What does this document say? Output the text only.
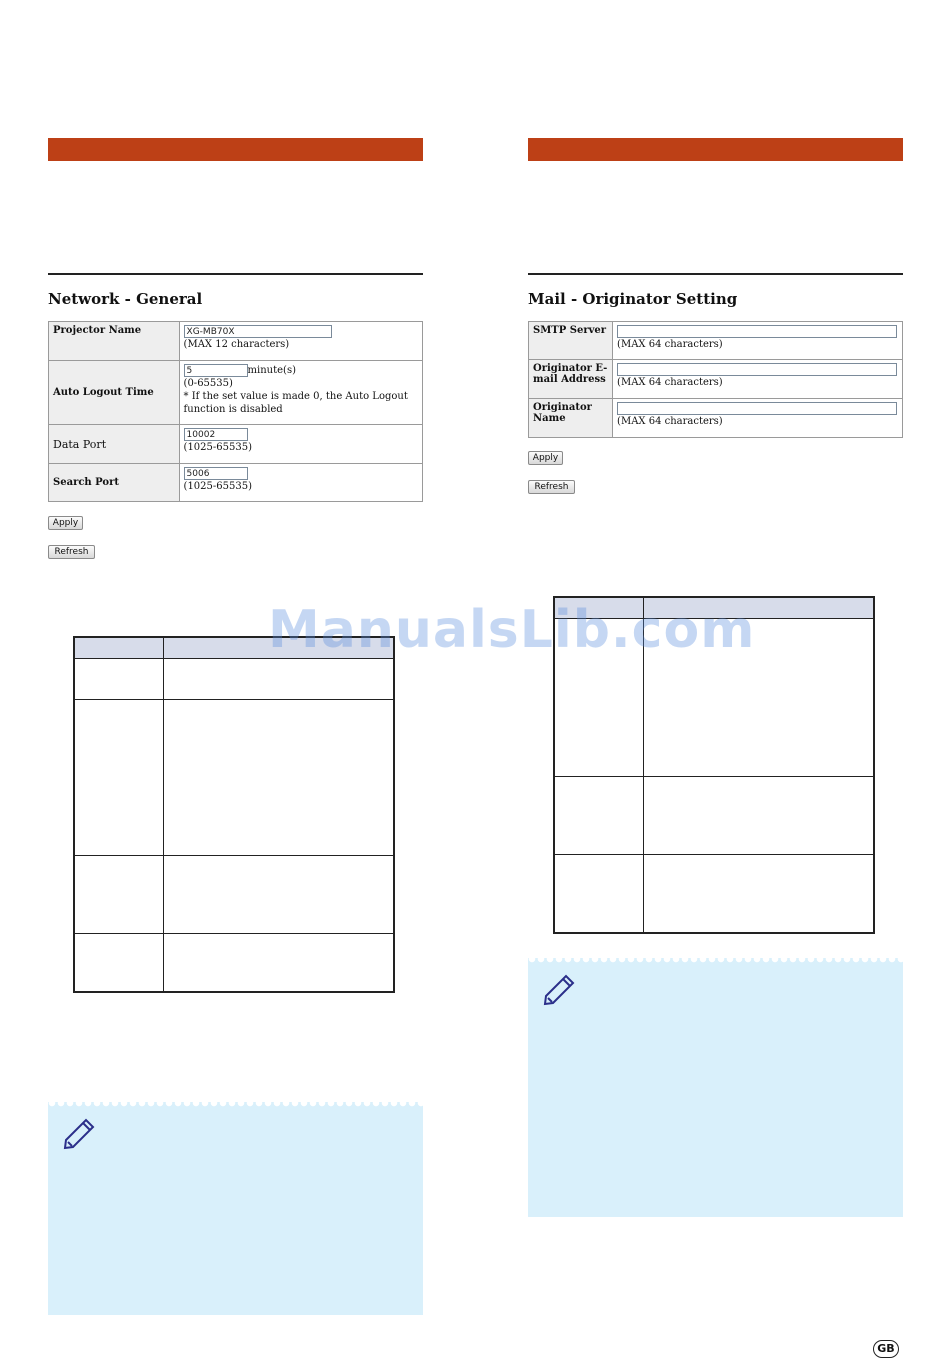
Network - General
Projector Name	XG-MB70X
(MAX 12 characters)

Auto Logout Time	5 minute(s)
(0-65535)
* If the set value is made 0, the Auto Logout function is disabled

Data Port	10002
(1025-65535)

Search Port	5006
(1025-65535)
Apply
Refresh
Mail - Originator Setting
SMTP Server	(MAX 64 characters)

Originator E-mail Address	(MAX 64 characters)

Originator Name	(MAX 64 characters)
Apply
Refresh
ManualsLib.com
GB
